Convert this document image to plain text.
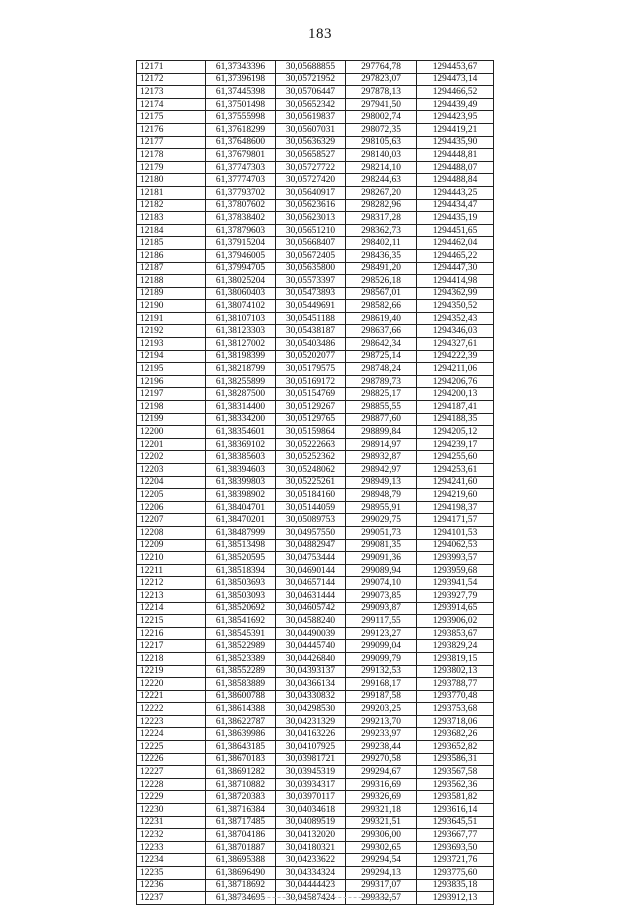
183
12171	61,37343396	30,05688855	297764,78	1294453,67
12172	61,37396198	30,05721952	297823,07	1294473,14
12173	61,37445398	30,05706447	297878,13	1294466,52
12174	61,37501498	30,05652342	297941,50	1294439,49
12175	61,37555998	30,05619837	298002,74	1294423,95
12176	61,37618299	30,05607031	298072,35	1294419,21
12177	61,37648600	30,05636329	298105,63	1294435,90
12178	61,37679801	30,05658527	298140,03	1294448,81
12179	61,37747303	30,05727722	298214,10	1294488,07
12180	61,37774703	30,05727420	298244,63	1294488,84
12181	61,37793702	30,05640917	298267,20	1294443,25
12182	61,37807602	30,05623616	298282,96	1294434,47
12183	61,37838402	30,05623013	298317,28	1294435,19
12184	61,37879603	30,05651210	298362,73	1294451,65
12185	61,37915204	30,05668407	298402,11	1294462,04
12186	61,37946005	30,05672405	298436,35	1294465,22
12187	61,37994705	30,05635800	298491,20	1294447,30
12188	61,38025204	30,05573397	298526,18	1294414,98
12189	61,38060403	30,05473893	298567,01	1294362,99
12190	61,38074102	30,05449691	298582,66	1294350,52
12191	61,38107103	30,05451188	298619,40	1294352,43
12192	61,38123303	30,05438187	298637,66	1294346,03
12193	61,38127002	30,05403486	298642,34	1294327,61
12194	61,38198399	30,05202077	298725,14	1294222,39
12195	61,38218799	30,05179575	298748,24	1294211,06
12196	61,38255899	30,05169172	298789,73	1294206,76
12197	61,38287500	30,05154769	298825,17	1294200,13
12198	61,38314400	30,05129267	298855,55	1294187,41
12199	61,38334200	30,05129765	298877,60	1294188,35
12200	61,38354601	30,05159864	298899,84	1294205,12
12201	61,38369102	30,05222663	298914,97	1294239,17
12202	61,38385603	30,05252362	298932,87	1294255,60
12203	61,38394603	30,05248062	298942,97	1294253,61
12204	61,38399803	30,05225261	298949,13	1294241,60
12205	61,38398902	30,05184160	298948,79	1294219,60
12206	61,38404701	30,05144059	298955,91	1294198,37
12207	61,38470201	30,05089753	299029,75	1294171,57
12208	61,38487999	30,04957550	299051,73	1294101,53
12209	61,38513498	30,04882947	299081,35	1294062,53
12210	61,38520595	30,04753444	299091,36	1293993,57
12211	61,38518394	30,04690144	299089,94	1293959,68
12212	61,38503693	30,04657144	299074,10	1293941,54
12213	61,38503093	30,04631444	299073,85	1293927,79
12214	61,38520692	30,04605742	299093,87	1293914,65
12215	61,38541692	30,04588240	299117,55	1293906,02
12216	61,38545391	30,04490039	299123,27	1293853,67
12217	61,38522989	30,04445740	299099,04	1293829,24
12218	61,38523389	30,04426840	299099,79	1293819,15
12219	61,38552289	30,04393137	299132,53	1293802,13
12220	61,38583889	30,04366134	299168,17	1293788,77
12221	61,38600788	30,04330832	299187,58	1293770,48
12222	61,38614388	30,04298530	299203,25	1293753,68
12223	61,38622787	30,04231329	299213,70	1293718,06
12224	61,38639986	30,04163226	299233,97	1293682,26
12225	61,38643185	30,04107925	299238,44	1293652,82
12226	61,38670183	30,03981721	299270,58	1293586,31
12227	61,38691282	30,03945319	299294,67	1293567,58
12228	61,38710882	30,03934317	299316,69	1293562,36
12229	61,38720383	30,03970117	299326,69	1293581,82
12230	61,38716384	30,04034618	299321,18	1293616,14
12231	61,38717485	30,04089519	299321,51	1293645,51
12232	61,38704186	30,04132020	299306,00	1293667,77
12233	61,38701887	30,04180321	299302,65	1293693,50
12234	61,38695388	30,04233622	299294,54	1293721,76
12235	61,38696490	30,04334324	299294,13	1293775,60
12236	61,38718692	30,04444423	299317,07	1293835,18
12237	61,38734695	30,04587424	299332,57	1293912,13
